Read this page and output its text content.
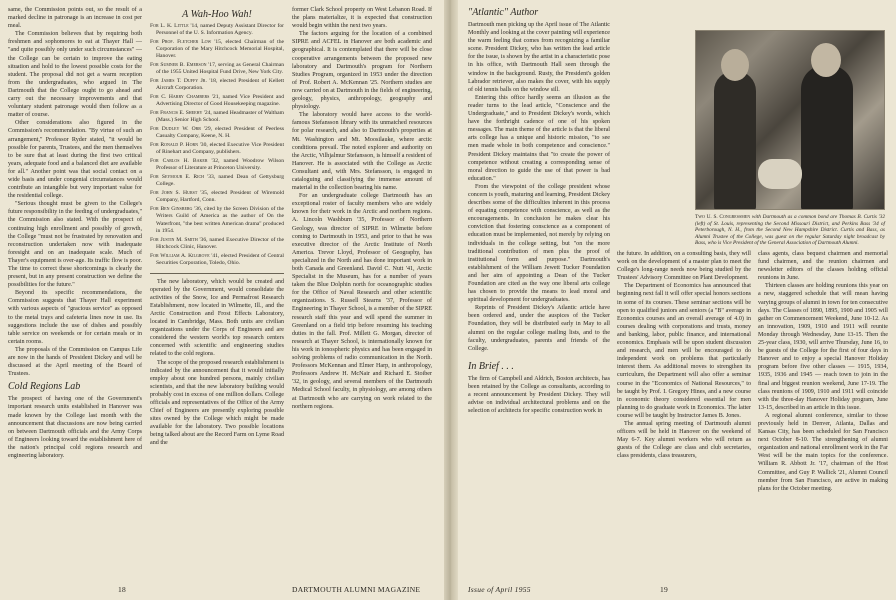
same, the Commission points out, so the result of a marked decline in patronage is an increase in cost per meal.

The Commission believes that by requiring both freshmen and sophomores to eat at Thayer Hall — "and quite possibly only under such circumstances" — the College can be certain to improve the eating situation and hold to the lowest possible costs for the student. The proposal did not get a warm reception from the undergraduates, who argued in The Dartmouth that the College ought to go ahead and carry out the necessary improvements and that voluntary student patronage would then follow as a matter of course.

Other considerations also figured in the Commission's recommendation. "By virtue of such an arrangement," Professor Ryder stated, "it would be possible for parents, Trustees, and the men themselves to be sure that at least during the first two critical years, adequate food and a balanced diet are available for all." Another point was that social contact on a wide basis and under congenial circumstances would contribute an intangible but very important value for the residential college.

"Serious thought must be given to the College's future responsibility in the feeding of undergraduates," the Commission also stated. With the prospect of continuing high enrollment and possibly of growth, the College "must not be frustrated by renovation and reconstruction undertaken now with inadequate foresight and on an inadequate scale. Much of Thayer's equipment is over-age. Its traffic flow is poor. The time to correct these shortcomings is clearly the present, but in any present construction we define the possibilities for the future."

Beyond its specific recommendations, the Commission suggests that Thayer Hall experiment with various aspects of "gracious service" as opposed to the metal trays and cafeteria lines now in use. Its suggestions include the use of dishes and possibly table service on weekends or for certain meals or in certain rooms.

The proposals of the Commission on Campus Life are now in the hands of President Dickey and will be discussed at the April meeting of the Board of Trustees.

Cold Regions Lab

The prospect of having one of the Government's important research units established in Hanover was made known by the College last month with the announcement that discussions are now being carried on between Dartmouth officials and the Army Corps of Engineers looking toward the establishment here of the nation's principal cold regions research and engineering laboratory.

A Wah-Hoo Wah!

For L. K. Little '14, named Deputy Assistant Director for Personnel of the U. S. Information Agency.

For Prof. Fletcher Low '15, elected Chairman of the Corporation of the Mary Hitchcock Memorial Hospital, Hanover.

For Sumner B. Emerson '17, serving as General Chairman of the 1955 United Hospital Fund Drive, New York City.

For James T. Duffy Jr. '18, elected President of Kellett Aircraft Corporation.

For C. Harry Chambers '21, named Vice President and Advertising Director of Good Housekeeping magazine.

For Francis E. Sheehy '24, named Headmaster of Waltham (Mass.) Senior High School.

For Dudley W. Orr '29, elected President of Peerless Casualty Company, Keene, N. H.

For Ronald P. Horn '30, elected Executive Vice President of Rinehart and Company, publishers.

For Carlos H. Baker '32, named Woodrow Wilson Professor of Literature at Princeton University.

For Seymour E. Rich '33, named Dean of Gettysburg College.

For John S. Hurst '35, elected President of Wiremold Company, Hartford, Conn.

For Ben Ginsberg '36, cited by the Screen Division of the Writers Guild of America as the author of On the Waterfront, "the best written American drama" produced in 1954.

For Justin M. Smith '36, named Executive Director of the Hitchcock Clinic, Hanover.

For William A. Kilgrove '41, elected President of Central Securities Corporation, Toledo, Ohio.

The new laboratory, which would be created and operated by the Government, would consolidate the activities of the Snow, Ice and Permafrost Research Establishment, now located in Wilmette, Ill., and the Arctic Construction and Frost Effects Laboratory, located in Cambridge, Mass. Both units are civilian organizations under the Corps of Engineers and are considered the western world's top research centers concerned with scientific and engineering studies related to the cold regions.

The scope of the proposed research establishment is indicated by the announcement that it would initially employ about one hundred persons, mainly civilian scientists, and that the new laboratory building would probably cost in excess of one million dollars. College officials and representatives of the Office of the Army Chief of Engineers are presently exploring possible sites owned by the College which might be made available for the laboratory. Two possible locations being talked about are the Record Farm on Lyme Road and the

former Clark School property on West Lebanon Road. If the plans materialize, it is expected that construction would begin within the next two years.

The factors arguing for the location of a combined SIPRE and ACFEL in Hanover are both academic and geographical. It is contemplated that there will be close cooperative arrangements between the proposed new laboratory and Dartmouth's program for Northern Studies Program, organized in 1953 under the direction of Prof. Robert A. McKennan '25. Northern studies are now carried on at Dartmouth in the fields of engineering, geology, physics, anthropology, geography and physiology.

The laboratory would have access to the world-famous Stefansson library with its unmatched resources for polar research, and also to Dartmouth's properties at Mt. Washington and Mt. Moosilauke, where arctic conditions prevail. The noted explorer and authority on the Arctic, Vilhjalmur Stefansson, is himself a resident of Hanover. He is associated with the College as Arctic Consultant and, with Mrs. Stefansson, is engaged in cataloguing and classifying the immense amount of material in the collection bearing his name.

For an undergraduate college Dartmouth has an exceptional roster of faculty members who are widely known for their work in the Arctic and northern regions. A. Lincoln Washburn '35, Professor of Northern Geology, was director of SIPRE in Wilmette before coming to Dartmouth in 1953, and prior to that he was executive director of the Arctic Institute of North America. Trevor Lloyd, Professor of Geography, has specialized in the North and has done important work in both Canada and Greenland. David C. Nutt '41, Arctic Specialist in the Museum, has for a number of years taken the Blue Dolphin north for oceanographic studies for the Office of Naval Research and other scientific organizations. S. Russell Stearns '37, Professor of Engineering in Thayer School, is a member of the SIPRE research staff this year and will spend the summer in Greenland on a field trip before resuming his teaching duties in the fall. Prof. Millett G. Morgan, director of research at Thayer School, is internationally known for his work in ionospheric physics and has been engaged in solving problems of radio communication in the North. Professors McKennan and Elmer Harp, in anthropology, Professors Andrew H. McNair and Richard E. Stoiber '32, in geology, and several members of the Dartmouth Medical School faculty, in physiology, are among others at Dartmouth who are carrying on work related to the northern regions.

18	DARTMOUTH ALUMNI MAGAZINE
"Atlantic" Author

Dartmouth men picking up the April issue of The Atlantic Monthly and looking at the cover painting will experience the warm feeling that comes from recognizing a familiar scene. President Dickey, who has written the lead article for the issue, is shown by the artist in a characteristic pose in his office, with Dartmouth Hall seen through the window in the background. Rusty, the President's golden Labrador retriever, also makes the cover, with his supply of old tennis balls on the window sill.

Entering this office hardly seems an illusion as the reader turns to the lead article, "Conscience and the Undergraduate," and to President Dickey's words, which have the forthright cadence of one of his spoken messages. The main theme of the article is that the liberal arts college has a unique and historic mission, "to see men made whole in both competence and conscience." President Dickey maintains that "to create the power of competence without creating a corresponding sense of moral direction to guide the use of that power is bad education."

From the viewpoint of the college president whose concern is youth, maturing and learning, President Dickey describes some of the difficulties inherent in this process of equating competence with conscience, as well as the encouragements. In conclusion he makes clear his conviction that fostering conscience as a component of education must be implemented, not merely by relying on individuals in the college setting, but "on the more traditional contribution of men plus the proof of institutional form and purpose." Dartmouth's establishment of the William Jewett Tucker Foundation and her aim of appointing a Dean of the Tucker Foundation are cited as the way one liberal arts college has chosen to provide the means to lead moral and spiritual development for undergraduates.

Reprints of President Dickey's Atlantic article have been ordered and, under the auspices of the Tucker Foundation, they will be distributed early in May to all alumni on the regular college mailing lists, and to the faculty, undergraduates, parents and friends of the College.

In Brief . . .

The firm of Campbell and Aldrich, Boston architects, has been retained by the College as consultants, according to a recent announcement by President Dickey. They will advise on individual architectural problems and on the selection of architects for specific construction work in

Two U. S. Congressmen with Dartmouth as a common bond are Thomas B. Curtis '32 (left) of St. Louis, representing the Second Missouri District, and Perkins Bass '34 of Peterborough, N. H., from the Second New Hampshire District. Curtis and Bass, as Alumni Trustee of the College, was guest on the regular Saturday night broadcast by Bass, who is Vice President of the General Association of Dartmouth Alumni.

the future. In addition, on a consulting basis, they will work on the development of a master plan to meet the College's long-range needs now being studied by the Trustees' Advisory Committee on Plant Development.

The Department of Economics has announced that beginning next fall it will offer special honors sections in some of its courses. These seminar sections will be open to qualified juniors and seniors (a "B" average in Economics courses and an overall average of 4.0) in courses dealing with corporations and trusts, money and banking, labor, public finance, and international economics. Emphasis will be upon student discussion and research, and men will be encouraged to do independent work on problems that particularly interest them. As additional moves to strengthen its curriculum, the Department will also offer a seminar course in the "Economics of National Resources," to be taught by Prof. I. Gregory Hines, and a new course in economic theory considered essential for men planning to do graduate work in Economics. The latter course will be taught by Instructor James B. Jones.

The annual spring meeting of Dartmouth alumni officers will be held in Hanover on the weekend of May 6-7. Key alumni workers who will return as guests of the College are class and club secretaries, class presidents, class treasurers,

class agents, class bequest chairmen and memorial fund chairmen, and the reunion chairmen and newsletter editors of the classes holding official reunions in June.

Thirteen classes are holding reunions this year on a new, staggered schedule that will mean having varying groups of alumni in town for ten consecutive days. The Classes of 1890, 1895, 1900 and 1905 will gather on Commencement Weekend, June 10-12. As an innovation, 1909, 1910 and 1911 will reunite Monday through Wednesday, June 13-15. Then the 25-year class, 1930, will arrive Thursday, June 16, to be guests of the College for the first of four days in Hanover and to enjoy a special Hanover Holiday program before five other classes — 1915, 1934, 1935, 1936 and 1945 — reach town to join in the final and biggest reunion weekend, June 17-19. The class reunions of 1909, 1910 and 1911 will coincide with the three-day Hanover Holiday program, June 13-15, described in an article in this issue.

A regional alumni conference, similar to those previously held in Denver, Atlanta, Dallas and Kansas City, has been scheduled for San Francisco next October 8-10. The strengthening of alumni organization and national enrollment work in the Far West will be the main topics for the conference. William R. Abbott Jr. '17, chairman of the Host Committee, and Guy P. Wallick '21, Alumni Council member from San Francisco, are active in making plans for the October meeting.

Issue of April 1955	19
